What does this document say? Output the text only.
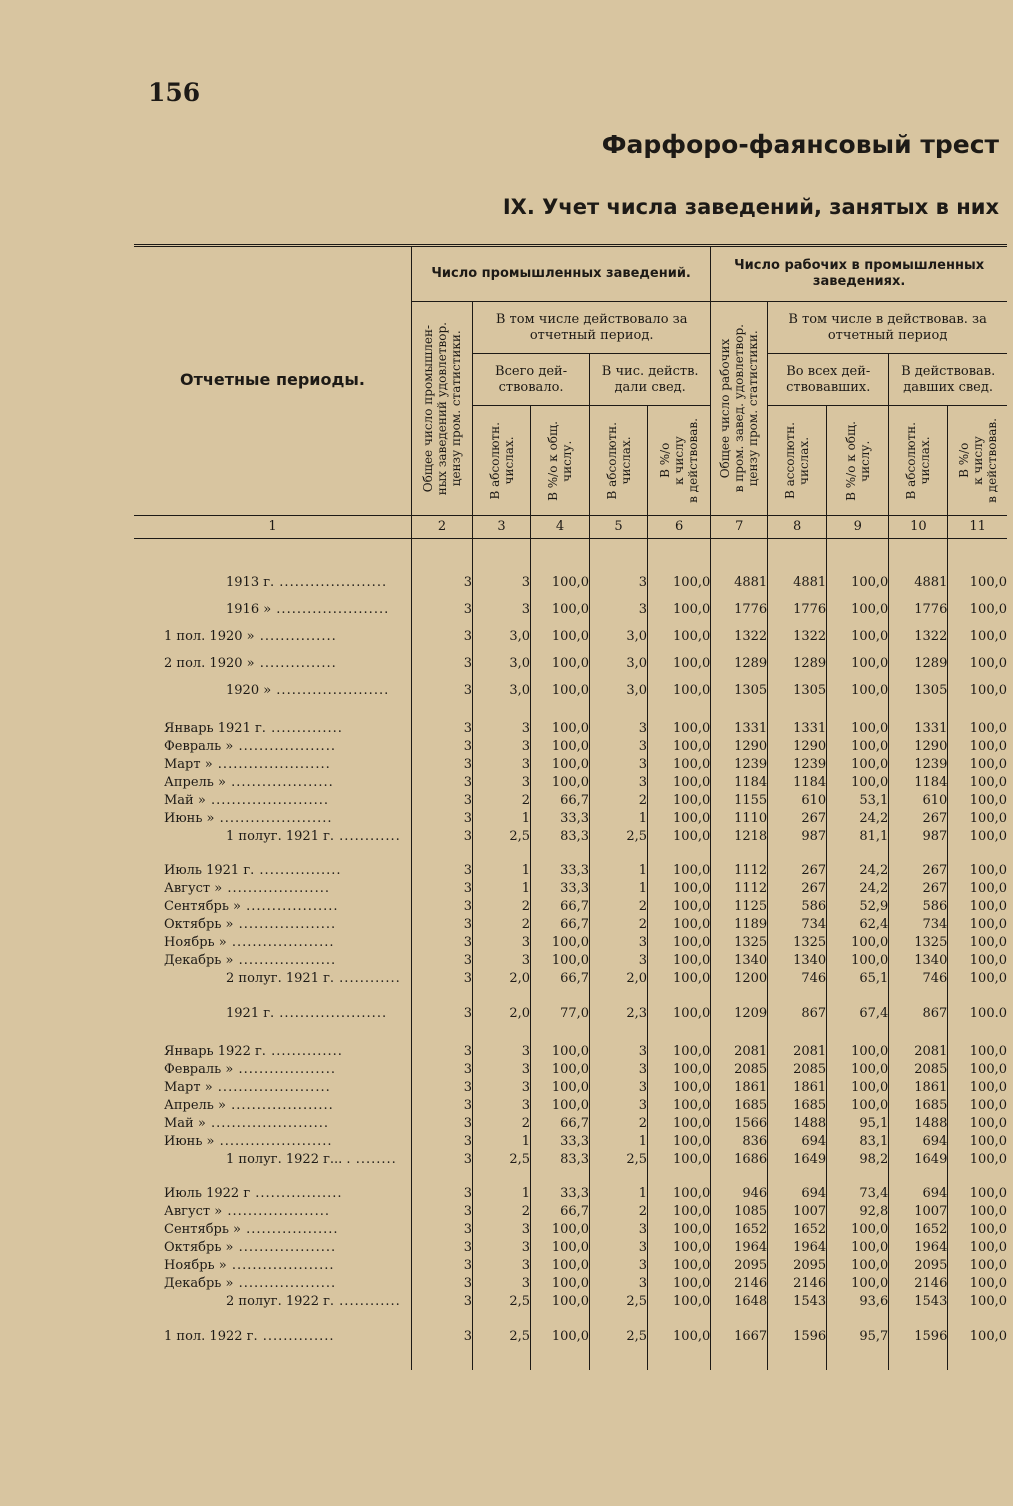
156
Фарфоро-фаянсовый трест
IX. Учет числа заведений, занятых в них
Отчетные периоды.	Число промышленных заведений.					Число рабочих в промышленных заведениях.				

	Общее число промышлен-
ных заведений удовлетвор.
цензу пром. статистики.	В том числе действовало за отчетный период.				Общее число рабочих
в пром. завед. удовлетвор.
цензу пром. статистики.	В том числе в действовав. за отчетный период			
		Всего дей-ствовало.		В чис. действ. дали свед.			Во всех дей-ствовавших.		В действовав. давших свед.	

		В абсолютн.
числах.	В %/о к общ.
числу.	В абсолютн.
числах.	В %/о
к числу
в действовав.		В ассолютн.
числах.	В %/о к общ.
числу.	В абсолютн.
числах.	В %/о
к числу
в действовав.

1	2	3	4	5	6	7	8	9	10	11

1913 г. .....................	3	3	100,0	3	100,0	4881	4881	100,0	4881	100,0
1916 » ......................	3	3	100,0	3	100,0	1776	1776	100,0	1776	100,0
1 пол. 1920 » ...............	3	3,0	100,0	3,0	100,0	1322	1322	100,0	1322	100,0
2 пол. 1920 » ...............	3	3,0	100,0	3,0	100,0	1289	1289	100,0	1289	100,0
1920 » ......................	3	3,0	100,0	3,0	100,0	1305	1305	100,0	1305	100,0

Январь 1921 г. ..............	3	3	100,0	3	100,0	1331	1331	100,0	1331	100,0
Февраль » ...................	3	3	100,0	3	100,0	1290	1290	100,0	1290	100,0
Март » ......................	3	3	100,0	3	100,0	1239	1239	100,0	1239	100,0
Апрель » ....................	3	3	100,0	3	100,0	1184	1184	100,0	1184	100,0
Май » .......................	3	2	66,7	2	100,0	1155	610	53,1	610	100,0
Июнь » ......................	3	1	33,3	1	100,0	1110	267	24,2	267	100,0
1 полуг. 1921 г. ............	3	2,5	83,3	2,5	100,0	1218	987	81,1	987	100,0

Июль 1921 г. ................	3	1	33,3	1	100,0	1112	267	24,2	267	100,0
Август » ....................	3	1	33,3	1	100,0	1112	267	24,2	267	100,0
Сентябрь » ..................	3	2	66,7	2	100,0	1125	586	52,9	586	100,0
Октябрь » ...................	3	2	66,7	2	100,0	1189	734	62,4	734	100,0
Ноябрь » ....................	3	3	100,0	3	100,0	1325	1325	100,0	1325	100,0
Декабрь » ...................	3	3	100,0	3	100,0	1340	1340	100,0	1340	100,0
2 полуг. 1921 г. ............	3	2,0	66,7	2,0	100,0	1200	746	65,1	746	100,0

1921 г. .....................	3	2,0	77,0	2,3	100,0	1209	867	67,4	867	100.0

Январь 1922 г. ..............	3	3	100,0	3	100,0	2081	2081	100,0	2081	100,0
Февраль » ...................	3	3	100,0	3	100,0	2085	2085	100,0	2085	100,0
Март » ......................	3	3	100,0	3	100,0	1861	1861	100,0	1861	100,0
Апрель » ....................	3	3	100,0	3	100,0	1685	1685	100,0	1685	100,0
Май » .......................	3	2	66,7	2	100,0	1566	1488	95,1	1488	100,0
Июнь » ......................	3	1	33,3	1	100,0	836	694	83,1	694	100,0
1 полуг. 1922 г... . ........	3	2,5	83,3	2,5	100,0	1686	1649	98,2	1649	100,0

Июль 1922 г .................	3	1	33,3	1	100,0	946	694	73,4	694	100,0
Август » ....................	3	2	66,7	2	100,0	1085	1007	92,8	1007	100,0
Сентябрь » ..................	3	3	100,0	3	100,0	1652	1652	100,0	1652	100,0
Октябрь » ...................	3	3	100,0	3	100,0	1964	1964	100,0	1964	100,0
Ноябрь » ....................	3	3	100,0	3	100,0	2095	2095	100,0	2095	100,0
Декабрь » ...................	3	3	100,0	3	100,0	2146	2146	100,0	2146	100,0
2 полуг. 1922 г. ............	3	2,5	100,0	2,5	100,0	1648	1543	93,6	1543	100,0

1 пол. 1922 г. ..............	3	2,5	100,0	2,5	100,0	1667	1596	95,7	1596	100,0
